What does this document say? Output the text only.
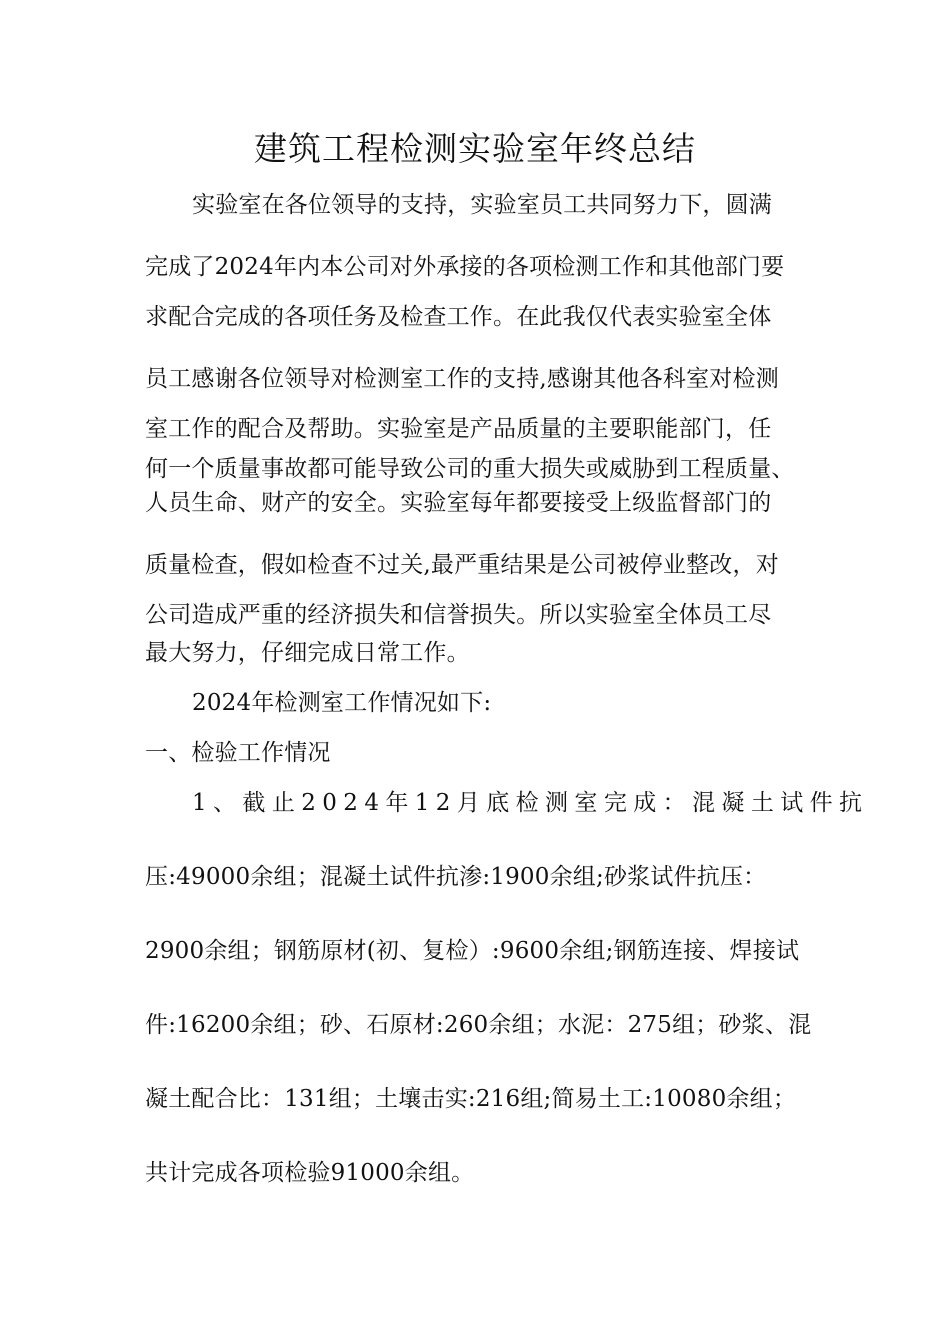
建筑工程检测实验室年终总结
实验室在各位领导的支持，实验室员工共同努力下，圆满
完成了2024年内本公司对外承接的各项检测工作和其他部门要
求配合完成的各项任务及检查工作。在此我仅代表实验室全体
员工感谢各位领导对检测室工作的支持,感谢其他各科室对检测
室工作的配合及帮助。实验室是产品质量的主要职能部门，任
何一个质量事故都可能导致公司的重大损失或威胁到工程质量、
人员生命、财产的安全。实验室每年都要接受上级监督部门的
质量检查，假如检查不过关,最严重结果是公司被停业整改，对
公司造成严重的经济损失和信誉损失。所以实验室全体员工尽
最大努力，仔细完成日常工作。
2024年检测室工作情况如下:
一、检验工作情况
1、截止2024年12月底检测室完成：混凝土试件抗
压:49000余组；混凝土试件抗渗:1900余组;砂浆试件抗压：
2900余组；钢筋原材(初、复检）:9600余组;钢筋连接、焊接试
件:16200余组；砂、石原材:260余组；水泥：275组；砂浆、混
凝土配合比：131组；土壤击实:216组;简易土工:10080余组；
共计完成各项检验91000余组。
